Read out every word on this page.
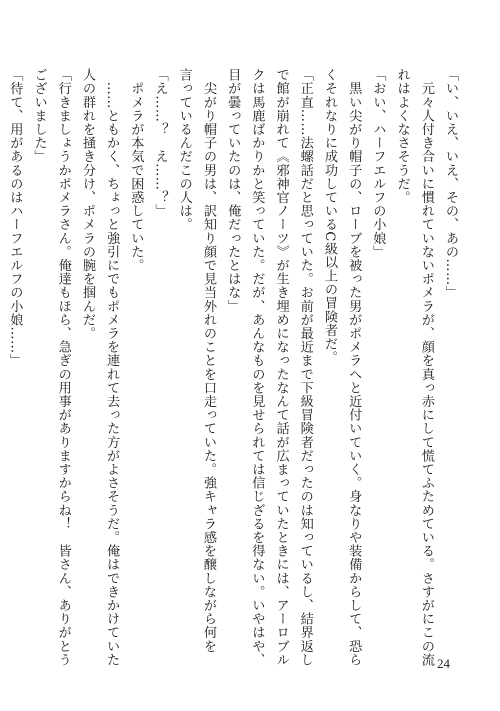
「い、いえ、いえ、その、あの……」
　元々人付き合いに慣れていないポメラが、顔を真っ赤にして慌てふためている。さすがにこの流
れはよくなさそうだ。
「おい、ハーフエルフの小娘」
　黒い尖がり帽子の、ローブを被った男がポメラへと近付いていく。身なりや装備からして、恐ら
くそれなりに成功しているC級以上の冒険者だ。
「正直……法螺話だと思っていた。お前が最近まで下級冒険者だったのは知っているし、結界返し
で館が崩れて《邪神官ノーツ》が生き埋めになったなんて話が広まっていたときには、アーロブル
クは馬鹿ばかりかと笑っていた。だが、あんなものを見せられては信じざるを得ない。いやはや、
目が曇っていたのは、俺だったとはな」
　尖がり帽子の男は、訳知り顔で見当外れのことを口走っていた。強キャラ感を醸しながら何を
言っているんだこの人は。
「え……？　え……？」
　ポメラが本気で困惑していた。
　……ともかく、ちょっと強引にでもポメラを連れて去った方がよさそうだ。俺はできかけていた
人の群れを掻き分け、ポメラの腕を掴んだ。
「行きましょうかポメラさん。俺達もほら、急ぎの用事がありますからね！　皆さん、ありがとう
ございました」
「待て、用があるのはハーフエルフの小娘……」
24
